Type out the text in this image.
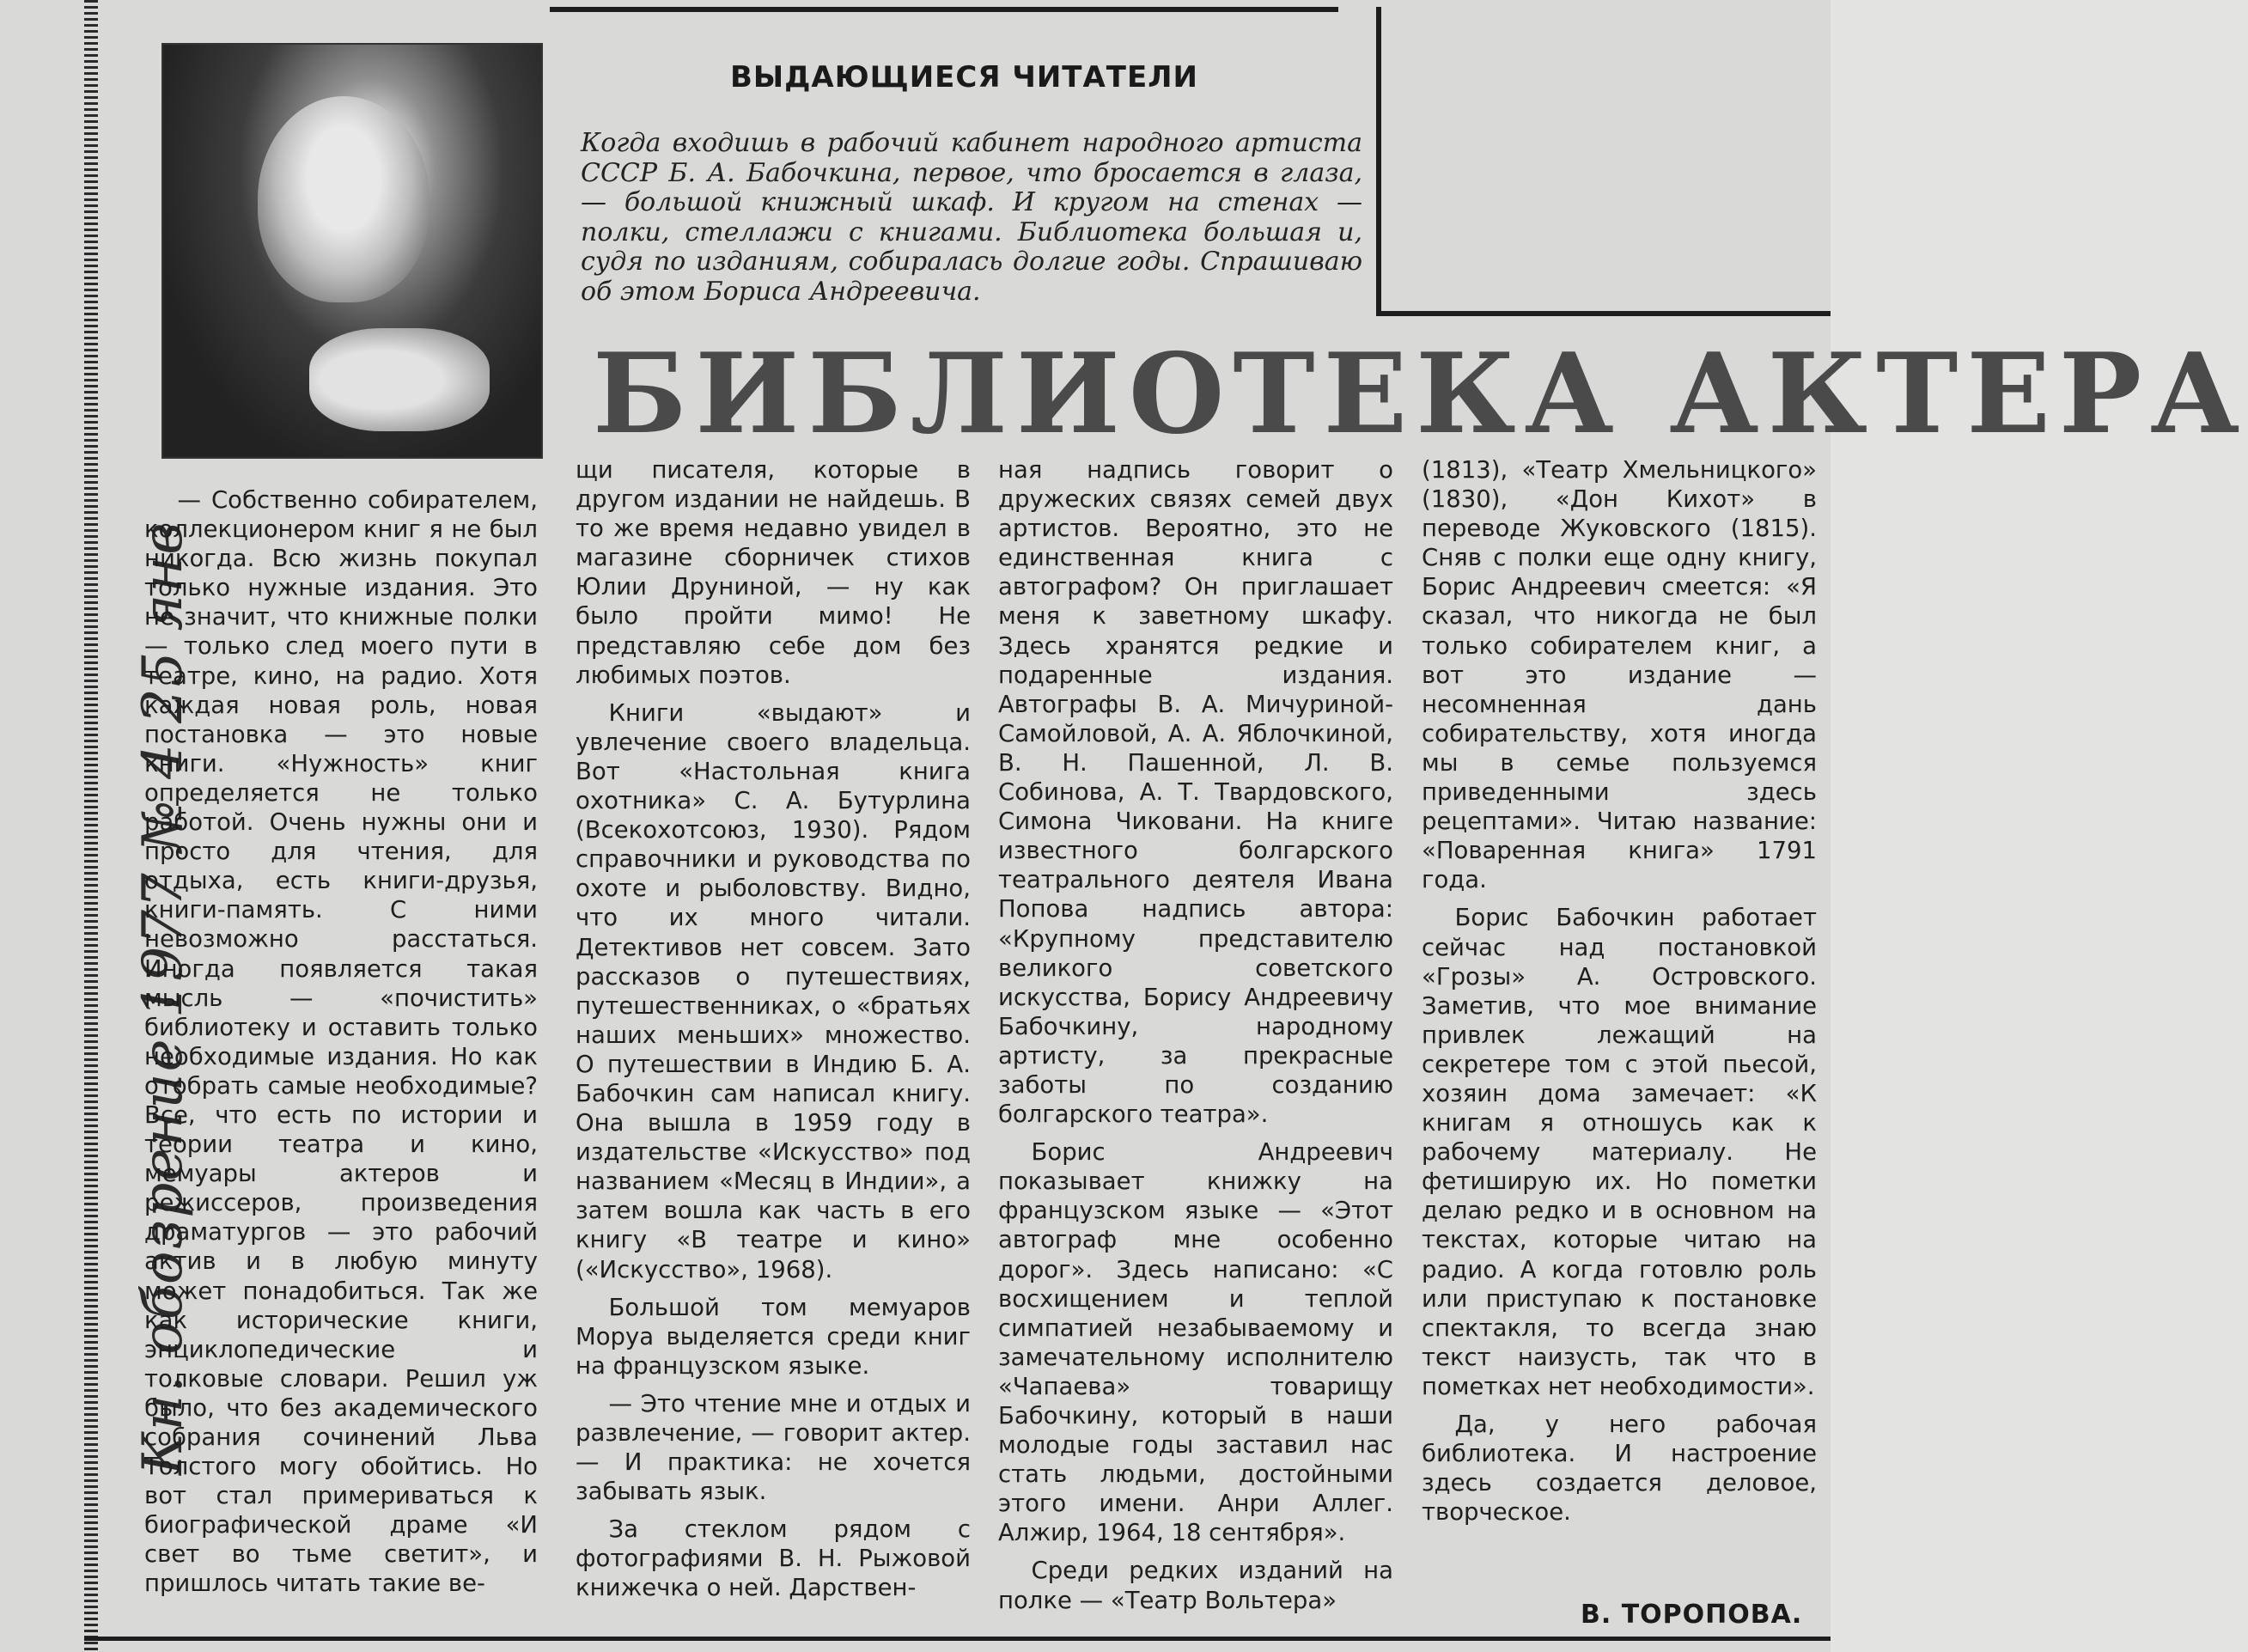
Кн. обозрение 1977 № 4 25 янв
ВЫДАЮЩИЕСЯ ЧИТАТЕЛИ
Когда входишь в рабочий кабинет народного артиста СССР Б. А. Бабочкина, первое, что бросается в глаза, — большой книжный шкаф. И кругом на стенах — полки, стеллажи с книгами. Библиотека большая и, судя по изданиям, собиралась долгие годы. Спрашиваю об этом Бориса Андреевича.
БИБЛИОТЕКА АКТЕРА

— Собственно собирателем, коллекционером книг я не был никогда. Всю жизнь покупал только нужные издания. Это не значит, что книжные полки — только след моего пути в театре, кино, на радио. Хотя каждая новая роль, новая постановка — это новые книги. «Нужность» книг определяется не только работой. Очень нужны они и просто для чтения, для отдыха, есть книги-друзья, книги-память. С ними невозможно расстаться. Иногда появляется такая мысль — «почистить» библиотеку и оставить только необходимые издания. Но как отобрать самые необходимые? Все, что есть по истории и теории театра и кино, мемуары актеров и режиссеров, произведения драматургов — это рабочий актив и в любую минуту может понадобиться. Так же как исторические книги, энциклопедические и толковые словари. Решил уж было, что без академического собрания сочинений Льва Толстого могу обойтись. Но вот стал примериваться к биографической драме «И свет во тьме светит», и пришлось читать такие ве-

щи писателя, которые в другом издании не найдешь. В то же время недавно увидел в магазине сборничек стихов Юлии Друниной, — ну как было пройти мимо! Не представляю себе дом без любимых поэтов.

Книги «выдают» и увлечение своего владельца. Вот «Настольная книга охотника» С. А. Бутурлина (Всекохотсоюз, 1930). Рядом справочники и руководства по охоте и рыболовству. Видно, что их много читали. Детективов нет совсем. Зато рассказов о путешествиях, путешественниках, о «братьях наших меньших» множество. О путешествии в Индию Б. А. Бабочкин сам написал книгу. Она вышла в 1959 году в издательстве «Искусство» под названием «Месяц в Индии», а затем вошла как часть в его книгу «В театре и кино» («Искусство», 1968).

Большой том мемуаров Моруа выделяется среди книг на французском языке.

— Это чтение мне и отдых и развлечение, — говорит актер. — И практика: не хочется забывать язык.

За стеклом рядом с фотографиями В. Н. Рыжовой книжечка о ней. Дарствен-

ная надпись говорит о дружеских связях семей двух артистов. Вероятно, это не единственная книга с автографом? Он приглашает меня к заветному шкафу. Здесь хранятся редкие и подаренные издания. Автографы В. А. Мичуриной-Самойловой, А. А. Яблочкиной, В. Н. Пашенной, Л. В. Собинова, А. Т. Твардовского, Симона Чиковани. На книге известного болгарского театрального деятеля Ивана Попова надпись автора: «Крупному представителю великого советского искусства, Борису Андреевичу Бабочкину, народному артисту, за прекрасные заботы по созданию болгарского театра».

Борис Андреевич показывает книжку на французском языке — «Этот автограф мне особенно дорог». Здесь написано: «С восхищением и теплой симпатией незабываемому и замечательному исполнителю «Чапаева» товарищу Бабочкину, который в наши молодые годы заставил нас стать людьми, достойными этого имени. Анри Аллег. Алжир, 1964, 18 сентября».

Среди редких изданий на полке — «Театр Вольтера»

(1813), «Театр Хмельницкого» (1830), «Дон Кихот» в переводе Жуковского (1815). Сняв с полки еще одну книгу, Борис Андреевич смеется: «Я сказал, что никогда не был только собирателем книг, а вот это издание — несомненная дань собирательству, хотя иногда мы в семье пользуемся приведенными здесь рецептами». Читаю название: «Поваренная книга» 1791 года.

Борис Бабочкин работает сейчас над постановкой «Грозы» А. Островского. Заметив, что мое внимание привлек лежащий на секретере том с этой пьесой, хозяин дома замечает: «К книгам я отношусь как к рабочему материалу. Не фетиширую их. Но пометки делаю редко и в основном на текстах, которые читаю на радио. А когда готовлю роль или приступаю к постановке спектакля, то всегда знаю текст наизусть, так что в пометках нет необходимости».

Да, у него рабочая библиотека. И настроение здесь создается деловое, творческое.

В. ТОРОПОВА.
